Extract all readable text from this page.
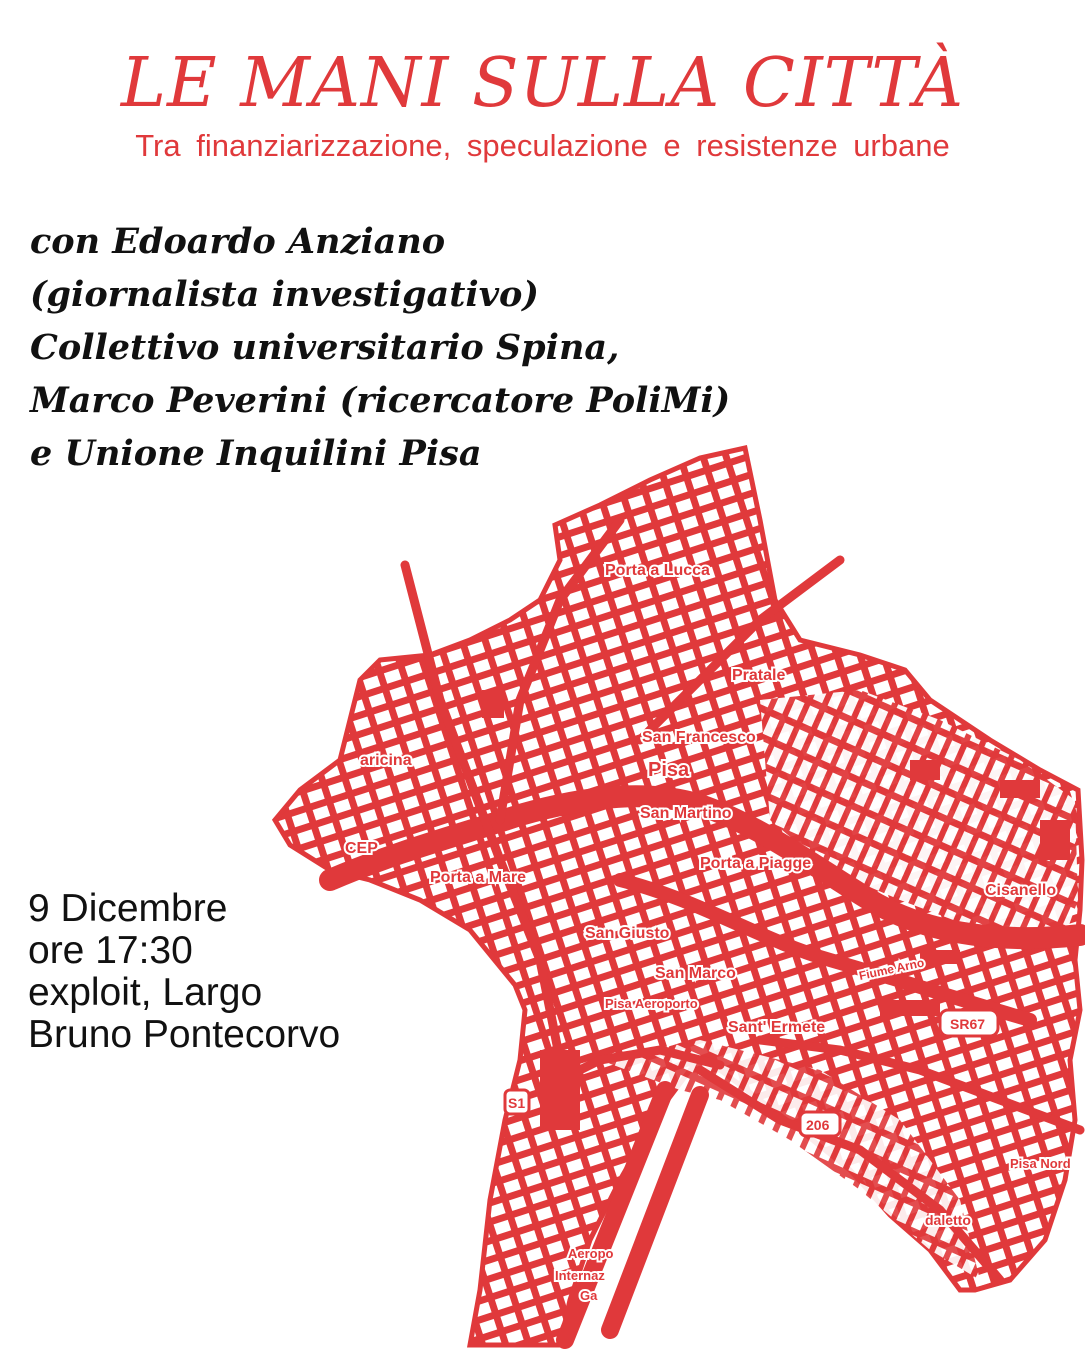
LE MANI SULLA CITTÀ

Tra finanziarizzazione, speculazione e resistenze urbane

Porta a Lucca
Pratale
San Francesco
Pisa
San Martino
aricina
CEP
Porta a Mare
Porta a Piagge
Cisanello
San Giusto
San Marco
Pisa Aeroporto
Sant' Ermete
Pisa Nord
Aeropo
Internaz
Ga
daletto
Fiume Arno
SR67
206
S1
con Edoardo Anziano
(giornalista investigativo)
Collettivo universitario Spina,
Marco Peverini (ricercatore PoliMi)
e Unione Inquilini Pisa
9 Dicembre
ore 17:30
exploit, Largo
Bruno Pontecorvo
